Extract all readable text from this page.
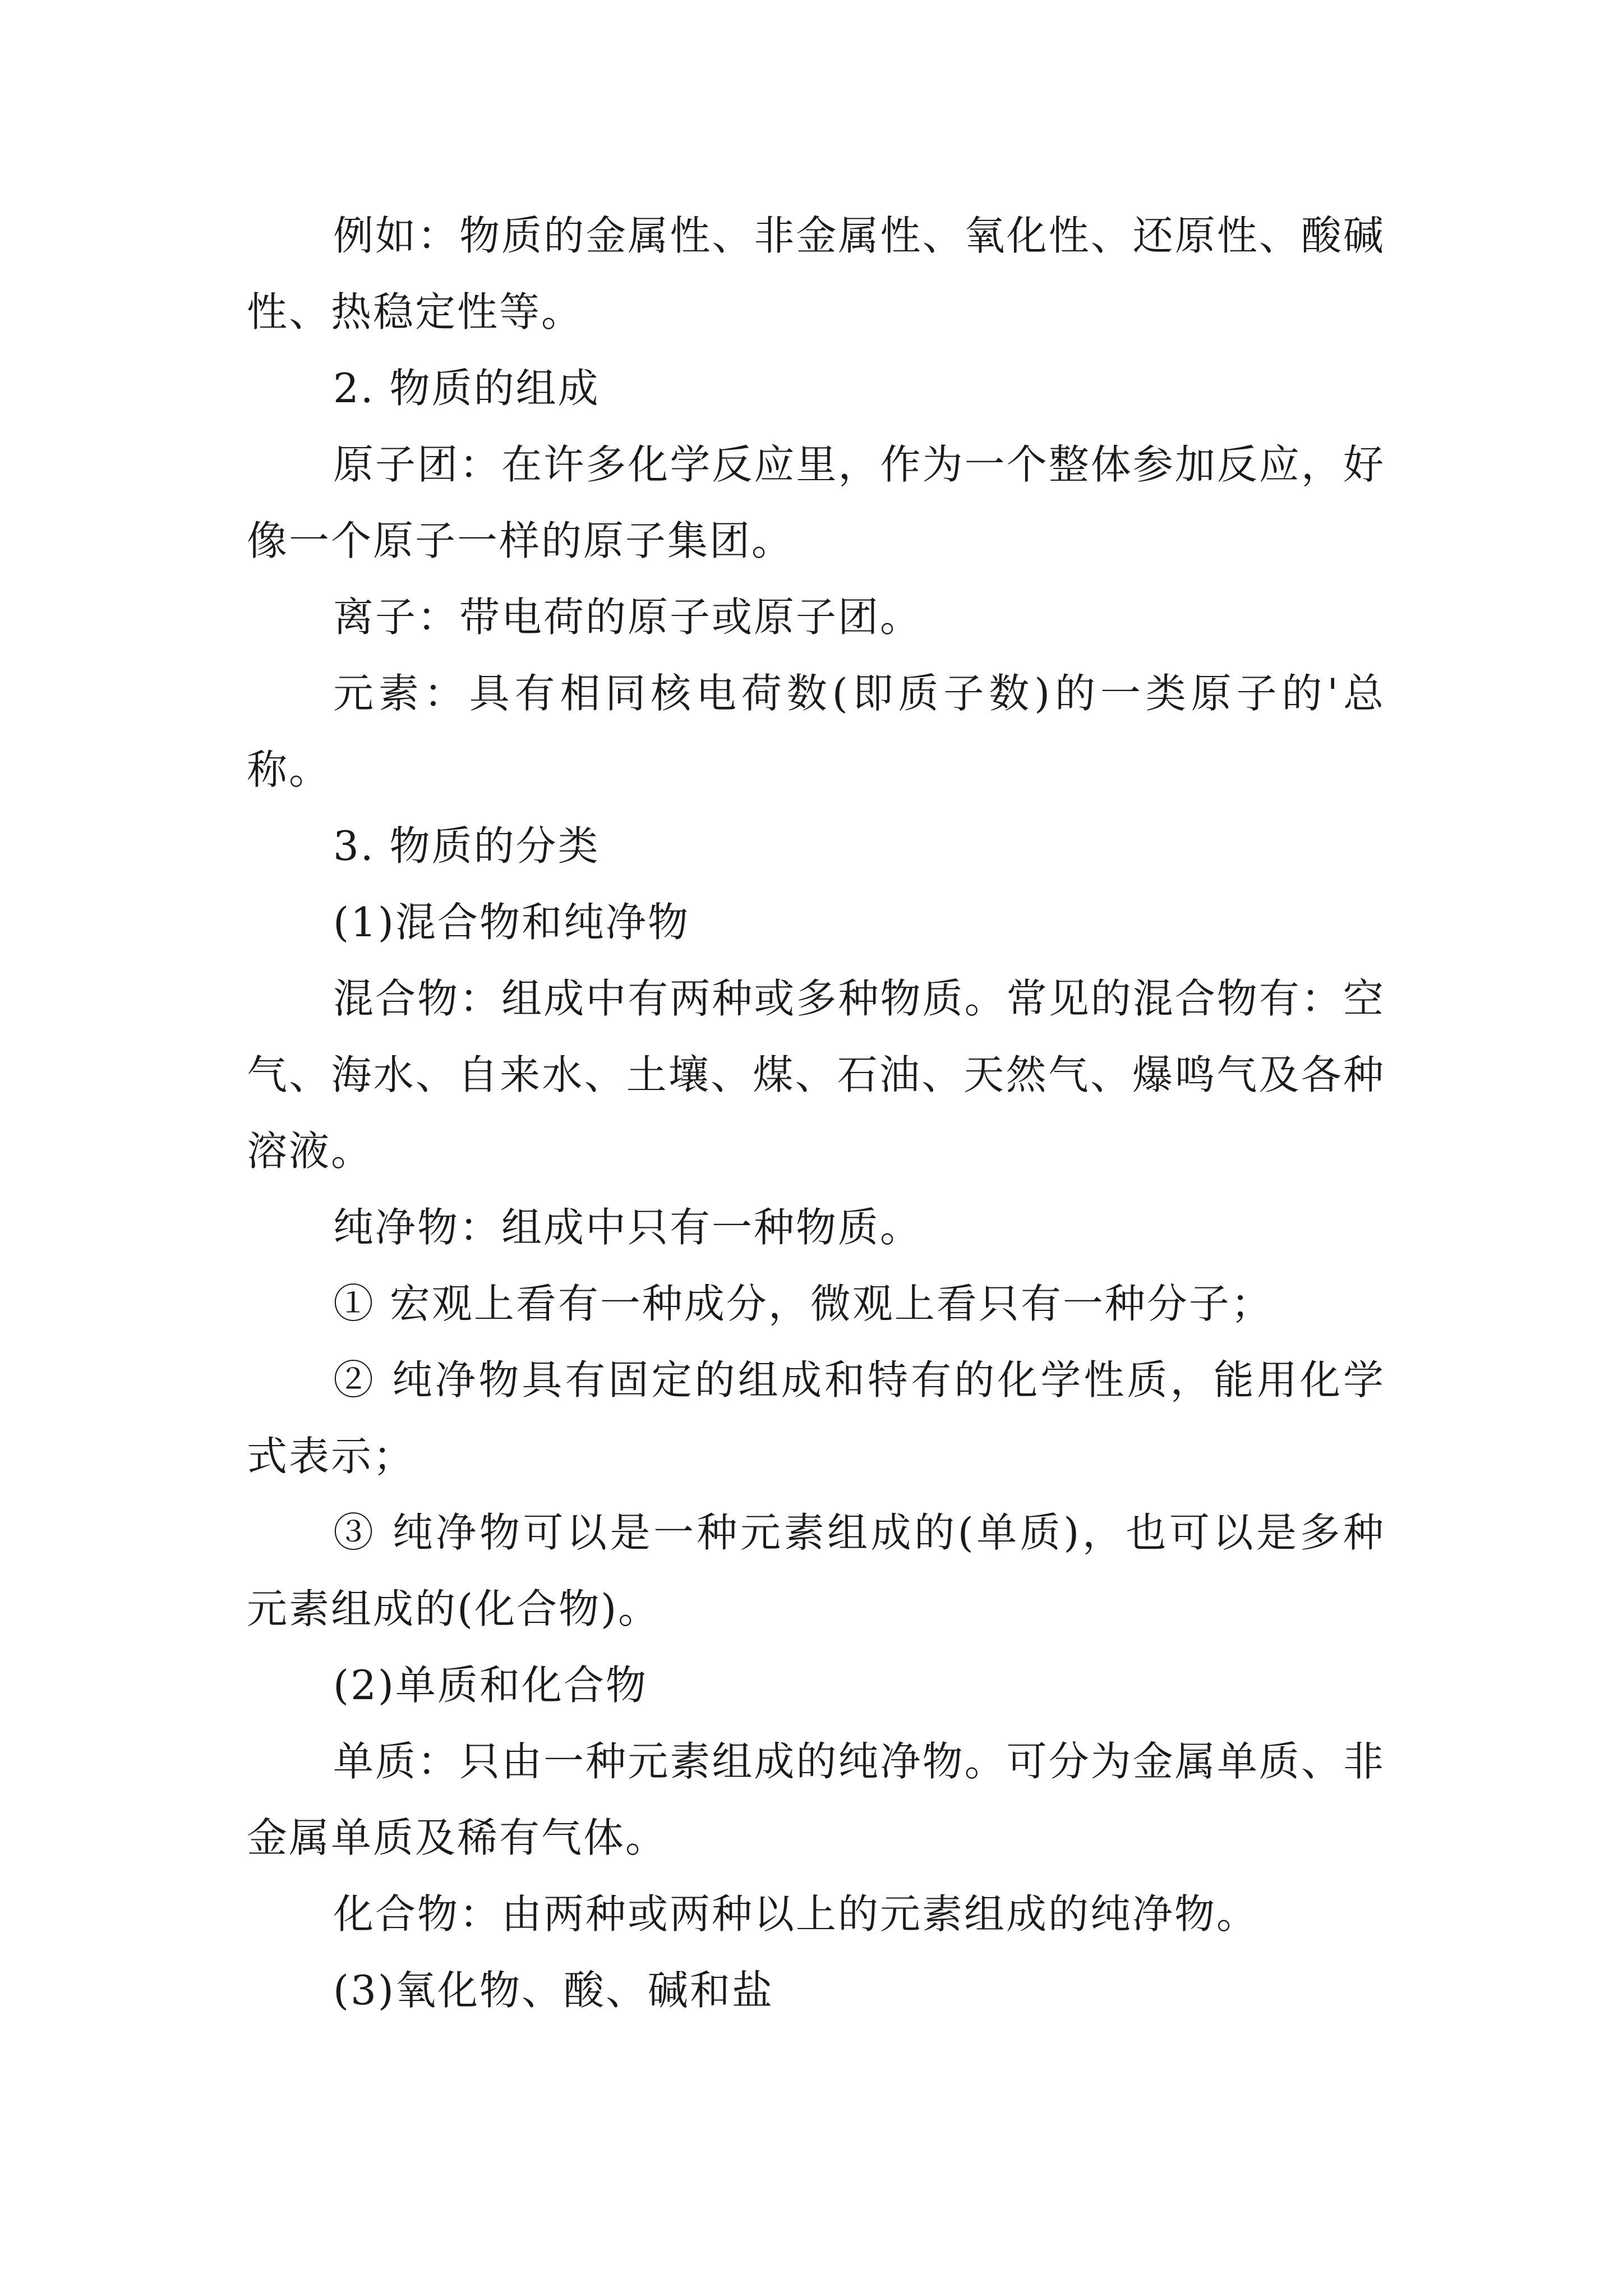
例如：物质的金属性、非金属性、氧化性、还原性、酸碱性、热稳定性等。

2. 物质的组成

原子团：在许多化学反应里，作为一个整体参加反应，好像一个原子一样的原子集团。

离子：带电荷的原子或原子团。

元素：具有相同核电荷数(即质子数)的一类原子的'总称。

3. 物质的分类

(1)混合物和纯净物

混合物：组成中有两种或多种物质。常见的混合物有：空气、海水、自来水、土壤、煤、石油、天然气、爆鸣气及各种溶液。

纯净物：组成中只有一种物质。

① 宏观上看有一种成分，微观上看只有一种分子；

② 纯净物具有固定的组成和特有的化学性质，能用化学式表示；

③ 纯净物可以是一种元素组成的(单质)，也可以是多种元素组成的(化合物)。

(2)单质和化合物

单质：只由一种元素组成的纯净物。可分为金属单质、非金属单质及稀有气体。

化合物：由两种或两种以上的元素组成的纯净物。

(3)氧化物、酸、碱和盐
